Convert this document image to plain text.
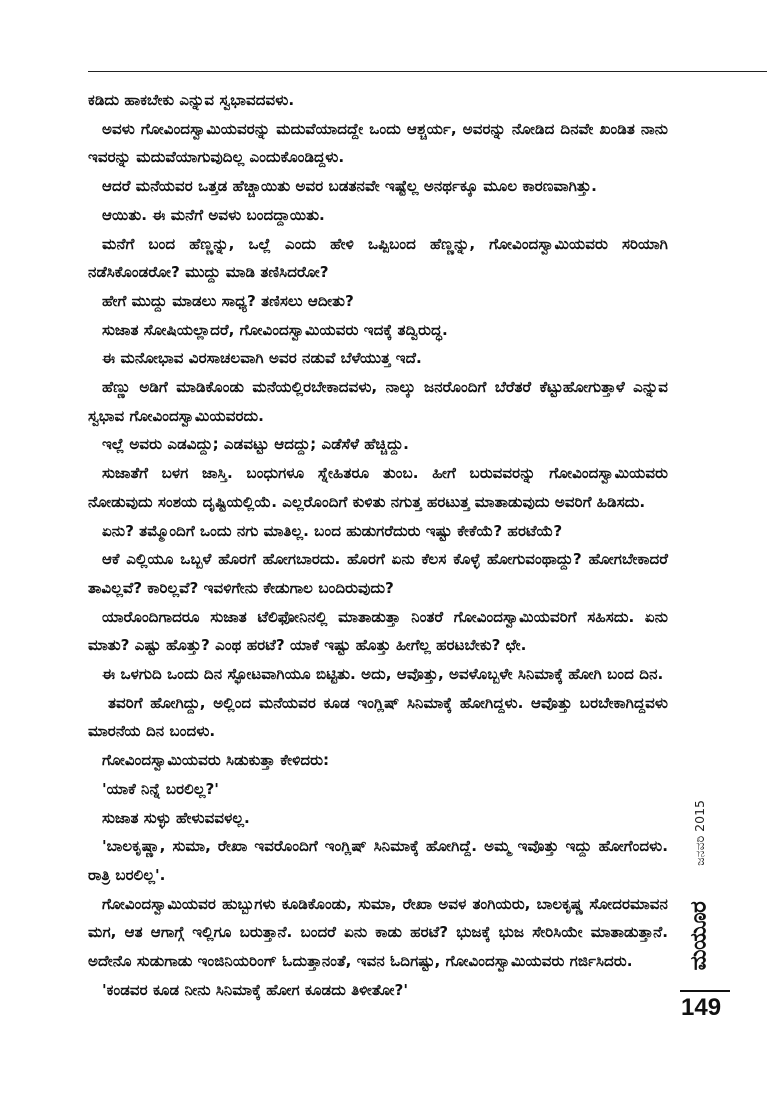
ಕಡಿದು ಹಾಕಬೇಕು ಎನ್ನುವ ಸ್ವಭಾವದವಳು.

ಅವಳು ಗೋವಿಂದಸ್ವಾಮಿಯವರನ್ನು ಮದುವೆಯಾದದ್ದೇ ಒಂದು ಆಶ್ಚರ್ಯ, ಅವರನ್ನು ನೋಡಿದ ದಿನವೇ ಖಂಡಿತ ನಾನು ಇವರನ್ನು ಮದುವೆಯಾಗುವುದಿಲ್ಲ ಎಂದುಕೊಂಡಿದ್ದಳು.

ಆದರೆ ಮನೆಯವರ ಒತ್ತಡ ಹೆಚ್ಚಾಯಿತು ಅವರ ಬಡತನವೇ ಇಷ್ಟೆಲ್ಲ ಅನರ್ಥಕ್ಕೂ ಮೂಲ ಕಾರಣವಾಗಿತ್ತು.

ಆಯಿತು. ಈ ಮನೆಗೆ ಅವಳು ಬಂದದ್ದಾಯಿತು.

ಮನೆಗೆ ಬಂದ ಹೆಣ್ಣನ್ನು, ಒಲ್ಲೆ ಎಂದು ಹೇಳಿ ಒಪ್ಪಿಬಂದ ಹೆಣ್ಣನ್ನು, ಗೋವಿಂದಸ್ವಾಮಿಯವರು ಸರಿಯಾಗಿ ನಡೆಸಿಕೊಂಡರೋ? ಮುದ್ದು ಮಾಡಿ ತಣಿಸಿದರೋ?

ಹೇಗೆ ಮುದ್ದು ಮಾಡಲು ಸಾಧ್ಯ? ತಣಿಸಲು ಆದೀತು?

ಸುಜಾತ ಸೋಷಿಯಲ್ಲಾದರೆ, ಗೋವಿಂದಸ್ವಾಮಿಯವರು ಇದಕ್ಕೆ ತದ್ವಿರುದ್ಧ.

ಈ ಮನೋಭಾವ ವಿರಸಾಚಲವಾಗಿ ಅವರ ನಡುವೆ ಬೆಳೆಯುತ್ತ ಇದೆ.

ಹೆಣ್ಣು ಅಡಿಗೆ ಮಾಡಿಕೊಂಡು ಮನೆಯಲ್ಲಿರಬೇಕಾದವಳು, ನಾಲ್ಕು ಜನರೊಂದಿಗೆ ಬೆರೆತರೆ ಕೆಟ್ಟುಹೋಗುತ್ತಾಳೆ ಎನ್ನುವ ಸ್ವಭಾವ ಗೋವಿಂದಸ್ವಾಮಿಯವರದು.

ಇಲ್ಲೆ ಅವರು ಎಡವಿದ್ದು; ಎಡವಟ್ಟು ಆದದ್ದು; ಎಡೆಸೆಳೆ ಹೆಚ್ಚಿದ್ದು.

ಸುಜಾತೆಗೆ ಬಳಗ ಜಾಸ್ತಿ. ಬಂಧುಗಳೂ ಸ್ನೇಹಿತರೂ ತುಂಬ. ಹೀಗೆ ಬರುವವರನ್ನು ಗೋವಿಂದಸ್ವಾಮಿಯವರು ನೋಡುವುದು ಸಂಶಯ ದೃಷ್ಟಿಯಲ್ಲಿಯೆ. ಎಲ್ಲರೊಂದಿಗೆ ಕುಳಿತು ನಗುತ್ತ ಹರಟುತ್ತ ಮಾತಾಡುವುದು ಅವರಿಗೆ ಹಿಡಿಸದು.

ಏನು? ತಮ್ಮೊಂದಿಗೆ ಒಂದು ನಗು ಮಾತಿಲ್ಲ. ಬಂದ ಹುಡುಗರೆದುರು ಇಷ್ಟು ಕೇಕೆಯೆ? ಹರಟೆಯೆ?

ಆಕೆ ಎಲ್ಲಿಯೂ ಒಬ್ಬಳೆ ಹೊರಗೆ ಹೋಗಬಾರದು. ಹೊರಗೆ ಏನು ಕೆಲಸ ಕೊಳ್ಳೆ ಹೋಗುವಂಥಾದ್ದು? ಹೋಗಬೇಕಾದರೆ ತಾವಿಲ್ಲವೆ? ಕಾರಿಲ್ಲವೆ? ಇವಳಿಗೇನು ಕೇಡುಗಾಲ ಬಂದಿರುವುದು?

ಯಾರೊಂದಿಗಾದರೂ ಸುಜಾತ ಟೆಲಿಫೋನಿನಲ್ಲಿ ಮಾತಾಡುತ್ತಾ ನಿಂತರೆ ಗೋವಿಂದಸ್ವಾಮಿಯವರಿಗೆ ಸಹಿಸದು. ಏನು ಮಾತು? ಎಷ್ಟು ಹೊತ್ತು? ಎಂಥ ಹರಟೆ? ಯಾಕೆ ಇಷ್ಟು ಹೊತ್ತು ಹೀಗೆಲ್ಲ ಹರಟಬೇಕು? ಛೇ.

ಈ ಒಳಗುದಿ ಒಂದು ದಿನ ಸ್ಫೋಟವಾಗಿಯೂ ಬಿಟ್ಟಿತು. ಅದು, ಆವೊತ್ತು, ಅವಳೊಬ್ಬಳೇ ಸಿನಿಮಾಕ್ಕೆ ಹೋಗಿ ಬಂದ ದಿನ.

ತವರಿಗೆ ಹೋಗಿದ್ದು, ಅಲ್ಲಿಂದ ಮನೆಯವರ ಕೂಡ ಇಂಗ್ಲಿಷ್ ಸಿನಿಮಾಕ್ಕೆ ಹೋಗಿದ್ದಳು. ಆವೊತ್ತು ಬರಬೇಕಾಗಿದ್ದವಳು ಮಾರನೆಯ ದಿನ ಬಂದಳು.

ಗೋವಿಂದಸ್ವಾಮಿಯವರು ಸಿಡುಕುತ್ತಾ ಕೇಳಿದರು:

'ಯಾಕೆ ನಿನ್ನೆ ಬರಲಿಲ್ಲ?'

ಸುಜಾತ ಸುಳ್ಳು ಹೇಳುವವಳಲ್ಲ.

'ಬಾಲಕೃಷ್ಣಾ, ಸುಮಾ, ರೇಖಾ ಇವರೊಂದಿಗೆ ಇಂಗ್ಲಿಷ್ ಸಿನಿಮಾಕ್ಕೆ ಹೋಗಿದ್ದೆ. ಅಮ್ಮ ಇವೊತ್ತು ಇದ್ದು ಹೋಗೆಂದಳು. ರಾತ್ರಿ ಬರಲಿಲ್ಲ'.

ಗೋವಿಂದಸ್ವಾಮಿಯವರ ಹುಬ್ಬುಗಳು ಕೂಡಿಕೊಂಡು, ಸುಮಾ, ರೇಖಾ ಅವಳ ತಂಗಿಯರು, ಬಾಲಕೃಷ್ಣ ಸೋದರಮಾವನ ಮಗ, ಆತ ಆಗಾಗ್ಗೆ ಇಲ್ಲಿಗೂ ಬರುತ್ತಾನೆ. ಬಂದರೆ ಏನು ಕಾಡು ಹರಟೆ? ಭುಜಕ್ಕೆ ಭುಜ ಸೇರಿಸಿಯೇ ಮಾತಾಡುತ್ತಾನೆ. ಅದೇನೊ ಸುಡುಗಾಡು ಇಂಜಿನಿಯರಿಂಗ್ ಓದುತ್ತಾನಂತೆ, ಇವನ ಓದಿಗಷ್ಟು, ಗೋವಿಂದಸ್ವಾಮಿಯವರು ಗರ್ಜಿಸಿದರು.

'ಕಂಡವರ ಕೂಡ ನೀನು ಸಿನಿಮಾಕ್ಕೆ ಹೋಗ ಕೂಡದು ತಿಳೀತೋ?'

ಜನವರಿ 2015
ಮಯೂರ
149
